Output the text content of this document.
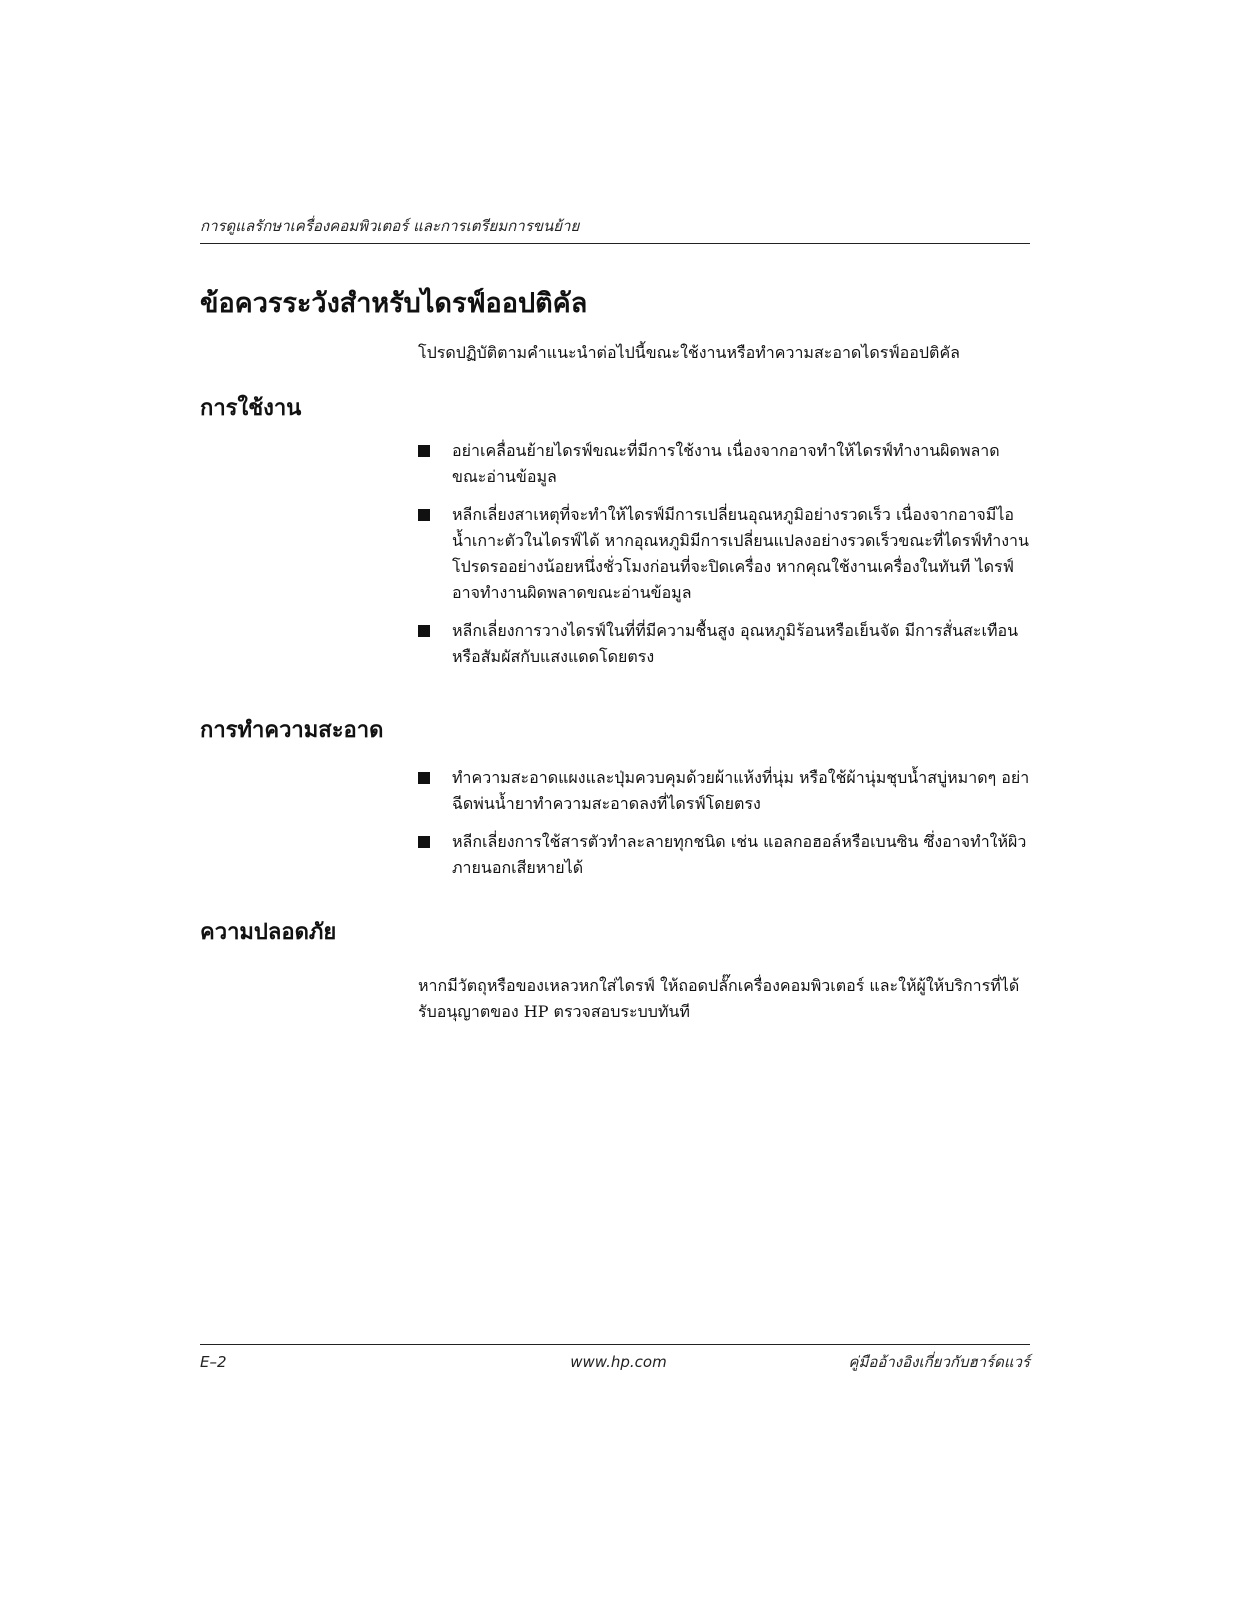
การดูแลรักษาเครื่องคอมพิวเตอร์ และการเตรียมการขนย้าย
ข้อควรระวังสำหรับไดรฟ์ออปติคัล

โปรดปฏิบัติตามคำแนะนำต่อไปนี้ขณะใช้งานหรือทำความสะอาดไดรฟ์ออปติคัล

การใช้งาน
อย่าเคลื่อนย้ายไดรฟ์ขณะที่มีการใช้งาน เนื่องจากอาจทำให้ไดรฟ์ทำงานผิดพลาดขณะอ่านข้อมูล
หลีกเลี่ยงสาเหตุที่จะทำให้ไดรฟ์มีการเปลี่ยนอุณหภูมิอย่างรวดเร็ว เนื่องจากอาจมีไอน้ำเกาะตัวในไดรฟ์ได้ หากอุณหภูมิมีการเปลี่ยนแปลงอย่างรวดเร็วขณะที่ไดรฟ์ทำงาน โปรดรออย่างน้อยหนึ่งชั่วโมงก่อนที่จะปิดเครื่อง หากคุณใช้งานเครื่องในทันที ไดรฟ์อาจทำงานผิดพลาดขณะอ่านข้อมูล
หลีกเลี่ยงการวางไดรฟ์ในที่ที่มีความชื้นสูง อุณหภูมิร้อนหรือเย็นจัด มีการสั่นสะเทือน หรือสัมผัสกับแสงแดดโดยตรง
การทำความสะอาด
ทำความสะอาดแผงและปุ่มควบคุมด้วยผ้าแห้งที่นุ่ม หรือใช้ผ้านุ่มชุบน้ำสบู่หมาดๆ อย่าฉีดพ่นน้ำยาทำความสะอาดลงที่ไดรฟ์โดยตรง
หลีกเลี่ยงการใช้สารตัวทำละลายทุกชนิด เช่น แอลกอฮอล์หรือเบนซิน ซึ่งอาจทำให้ผิวภายนอกเสียหายได้
ความปลอดภัย

หากมีวัตถุหรือของเหลวหกใส่ไดรฟ์ ให้ถอดปลั๊กเครื่องคอมพิวเตอร์ และให้ผู้ให้บริการที่ได้รับอนุญาตของ HP ตรวจสอบระบบทันที

E–2	www.hp.com	คู่มืออ้างอิงเกี่ยวกับฮาร์ดแวร์
